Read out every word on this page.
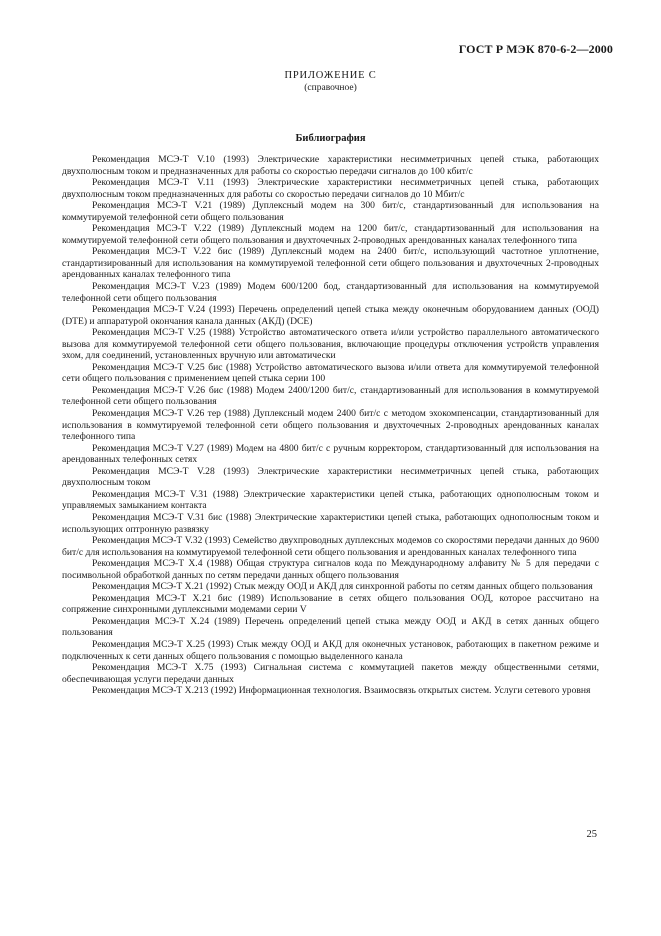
ГОСТ Р МЭК 870-6-2—2000
ПРИЛОЖЕНИЕ С
(справочное)
Библиография
Рекомендация МСЭ-Т V.10 (1993) Электрические характеристики несимметричных цепей стыка, работающих двухполюсным током и предназначенных для работы со скоростью передачи сигналов до 100 кбит/с
Рекомендация МСЭ-Т V.11 (1993) Электрические характеристики несимметричных цепей стыка, работающих двухполюсным током предназначенных для работы со скоростью передачи сигналов до 10 Мбит/с
Рекомендация МСЭ-Т V.21 (1989) Дуплексный модем на 300 бит/с, стандартизованный для использования на коммутируемой телефонной сети общего пользования
Рекомендация МСЭ-Т V.22 (1989) Дуплексный модем на 1200 бит/с, стандартизованный для использования на коммутируемой телефонной сети общего пользования и двухточечных 2-проводных арендованных каналах телефонного типа
Рекомендация МСЭ-Т V.22 бис (1989) Дуплексный модем на 2400 бит/с, использующий частотное уплотнение, стандартизированный для использования на коммутируемой телефонной сети общего пользования и двухточечных 2-проводных арендованных каналах телефонного типа
Рекомендация МСЭ-Т V.23 (1989) Модем 600/1200 бод, стандартизованный для использования на коммутируемой телефонной сети общего пользования
Рекомендация МСЭ-Т V.24 (1993) Перечень определений цепей стыка между оконечным оборудованием данных (ООД) (DTE) и аппаратурой окончания канала данных (АКД) (DCE)
Рекомендация МСЭ-Т V.25 (1988) Устройство автоматического ответа и/или устройство параллельного автоматического вызова для коммутируемой телефонной сети общего пользования, включающие процедуры отключения устройств управления эхом, для соединений, установленных вручную или автоматически
Рекомендация МСЭ-Т V.25 бис (1988) Устройство автоматического вызова и/или ответа для коммутируемой телефонной сети общего пользования с применением цепей стыка серии 100
Рекомендация МСЭ-Т V.26 бис (1988) Модем 2400/1200 бит/с, стандартизованный для использования в коммутируемой телефонной сети общего пользования
Рекомендация МСЭ-Т V.26 тер (1988) Дуплексный модем 2400 бит/с с методом эхокомпенсации, стандартизованный для использования в коммутируемой телефонной сети общего пользования и двухточечных 2-проводных арендованных каналах телефонного типа
Рекомендация МСЭ-Т V.27 (1989) Модем на 4800 бит/с с ручным корректором, стандартизованный для использования на арендованных телефонных сетях
Рекомендация МСЭ-Т V.28 (1993) Электрические характеристики несимметричных цепей стыка, работающих двухполюсным током
Рекомендация МСЭ-Т V.31 (1988) Электрические характеристики цепей стыка, работающих однополюсным током и управляемых замыканием контакта
Рекомендация МСЭ-Т V.31 бис (1988) Электрические характеристики цепей стыка, работающих однополюсным током и использующих оптронную развязку
Рекомендация МСЭ-Т V.32 (1993) Семейство двухпроводных дуплексных модемов со скоростями передачи данных до 9600 бит/с для использования на коммутируемой телефонной сети общего пользования и арендованных каналах телефонного типа
Рекомендация МСЭ-Т Х.4 (1988) Общая структура сигналов кода по Международному алфавиту № 5 для передачи с посимвольной обработкой данных по сетям передачи данных общего пользования
Рекомендация МСЭ-Т Х.21 (1992) Стык между ООД и АКД для синхронной работы по сетям данных общего пользования
Рекомендация МСЭ-Т Х.21 бис (1989) Использование в сетях общего пользования ООД, которое рассчитано на сопряжение синхронными дуплексными модемами серии V
Рекомендация МСЭ-Т Х.24 (1989) Перечень определений цепей стыка между ООД и АКД в сетях данных общего пользования
Рекомендация МСЭ-Т Х.25 (1993) Стык между ООД и АКД для оконечных установок, работающих в пакетном режиме и подключенных к сети данных общего пользования с помощью выделенного канала
Рекомендация МСЭ-Т Х.75 (1993) Сигнальная система с коммутацией пакетов между общественными сетями, обеспечивающая услуги передачи данных
Рекомендация МСЭ-Т Х.213 (1992) Информационная технология. Взаимосвязь открытых систем. Услуги сетевого уровня
25
